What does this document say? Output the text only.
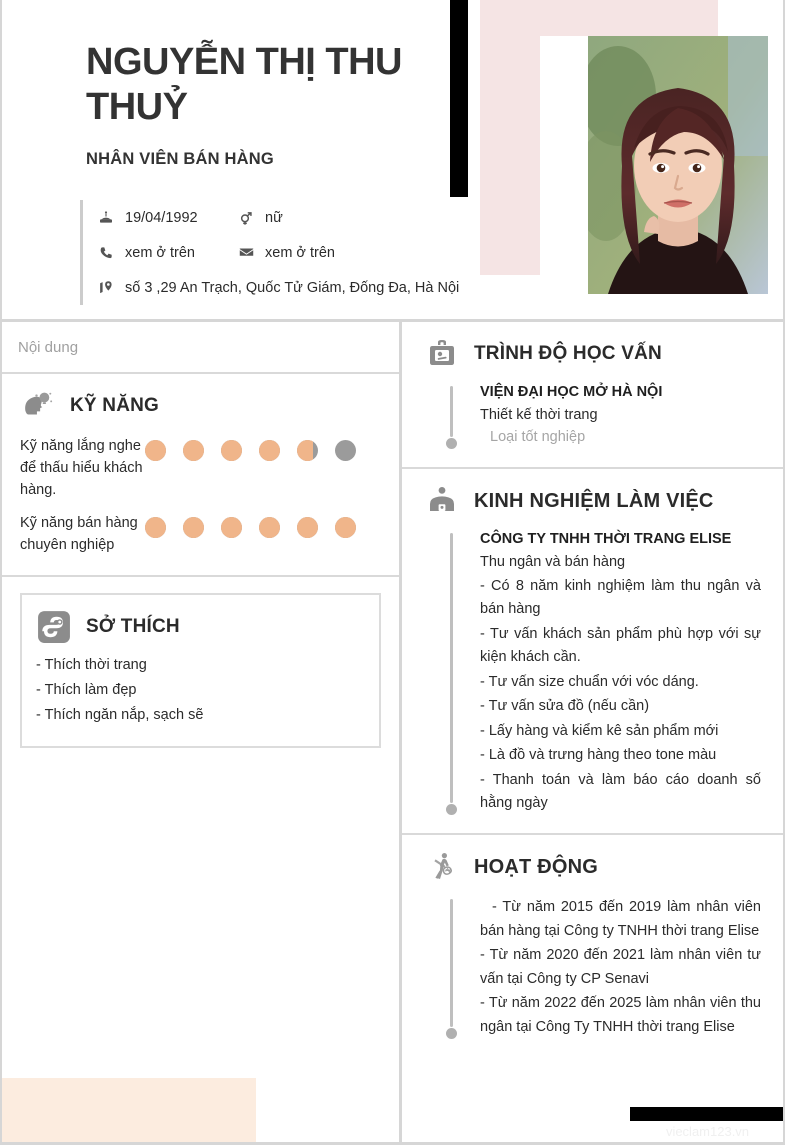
NGUYỄN THỊ THU THUỶ
NHÂN VIÊN BÁN HÀNG
19/04/1992	nữ
xem ở trên	xem ở trên
số 3 ,29 An Trạch, Quốc Tử Giám, Đống Đa, Hà Nội
Nội dung
KỸ NĂNG
Kỹ năng lắng nghe để thấu hiểu khách hàng.
Kỹ năng bán hàng chuyên nghiệp
SỞ THÍCH
- Thích thời trang
- Thích làm đẹp
- Thích ngăn nắp, sạch sẽ
TRÌNH ĐỘ HỌC VẤN
VIỆN ĐẠI HỌC MỞ HÀ NỘI
Thiết kế thời trang
Loại tốt nghiệp
KINH NGHIỆM LÀM VIỆC
CÔNG TY TNHH THỜI TRANG ELISE
Thu ngân và bán hàng
- Có 8 năm kinh nghiệm làm thu ngân và bán hàng
- Tư vấn khách sản phẩm phù hợp với sự kiện khách cần.
- Tư vấn size chuẩn với vóc dáng.
- Tư vấn sửa đồ (nếu cần)
- Lấy hàng và kiểm kê sản phẩm mới
- Là đồ và trưng hàng theo tone màu
- Thanh toán và làm báo cáo doanh số hằng ngày
HOẠT ĐỘNG
- Từ năm 2015 đến 2019 làm nhân viên bán hàng tại Công ty TNHH thời trang Elise
- Từ năm 2020 đến 2021 làm nhân viên tư vấn tại Công ty CP Senavi
- Từ năm 2022 đến 2025 làm nhân viên thu ngân tại Công Ty TNHH thời trang Elise
vieclam123.vn
